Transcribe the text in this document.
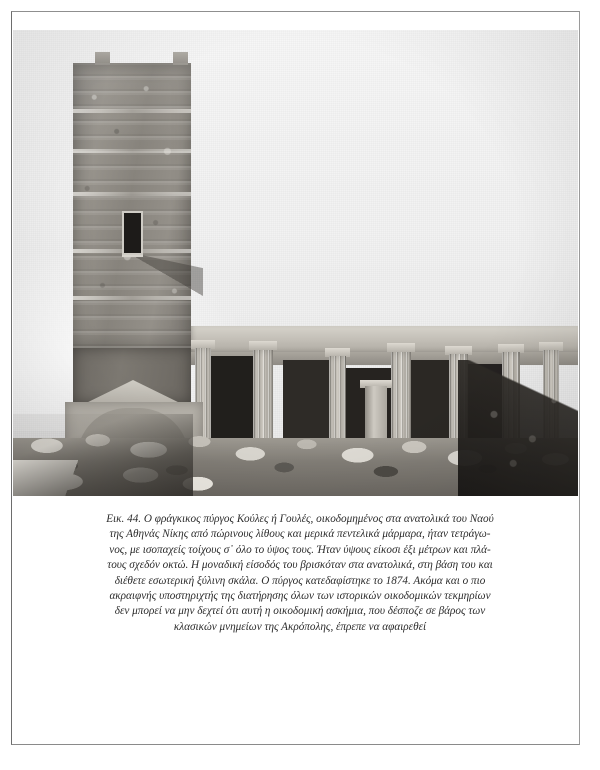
Εικ. 44. Ο φράγκικος πύργος Κούλες ή Γουλές, οικοδομημένος στα ανατολικά του Ναού
της Αθηνάς Νίκης από πώρινους λίθους και μερικά πεντελικά μάρμαρα, ήταν τετράγω-
νος, με ισοπαχείς τοίχους σ᾽ όλο το ύψος τους. Ήταν ύψους είκοσι έξι μέτρων και πλά-
τους σχεδόν οκτώ. Η μοναδική είσοδός του βρισκόταν στα ανατολικά, στη βάση του και
διέθετε εσωτερική ξύλινη σκάλα. Ο πύργος κατεδαφίστηκε το 1874. Ακόμα και ο πιο
ακραιφνής υποστηριχτής της διατήρησης όλων των ιστορικών οικοδομικών τεκμηρίων
δεν μπορεί να μην δεχτεί ότι αυτή η οικοδομική ασκήμια, που δέσποζε σε βάρος των
κλασικών μνημείων της Ακρόπολης, έπρεπε να αφαιρεθεί
